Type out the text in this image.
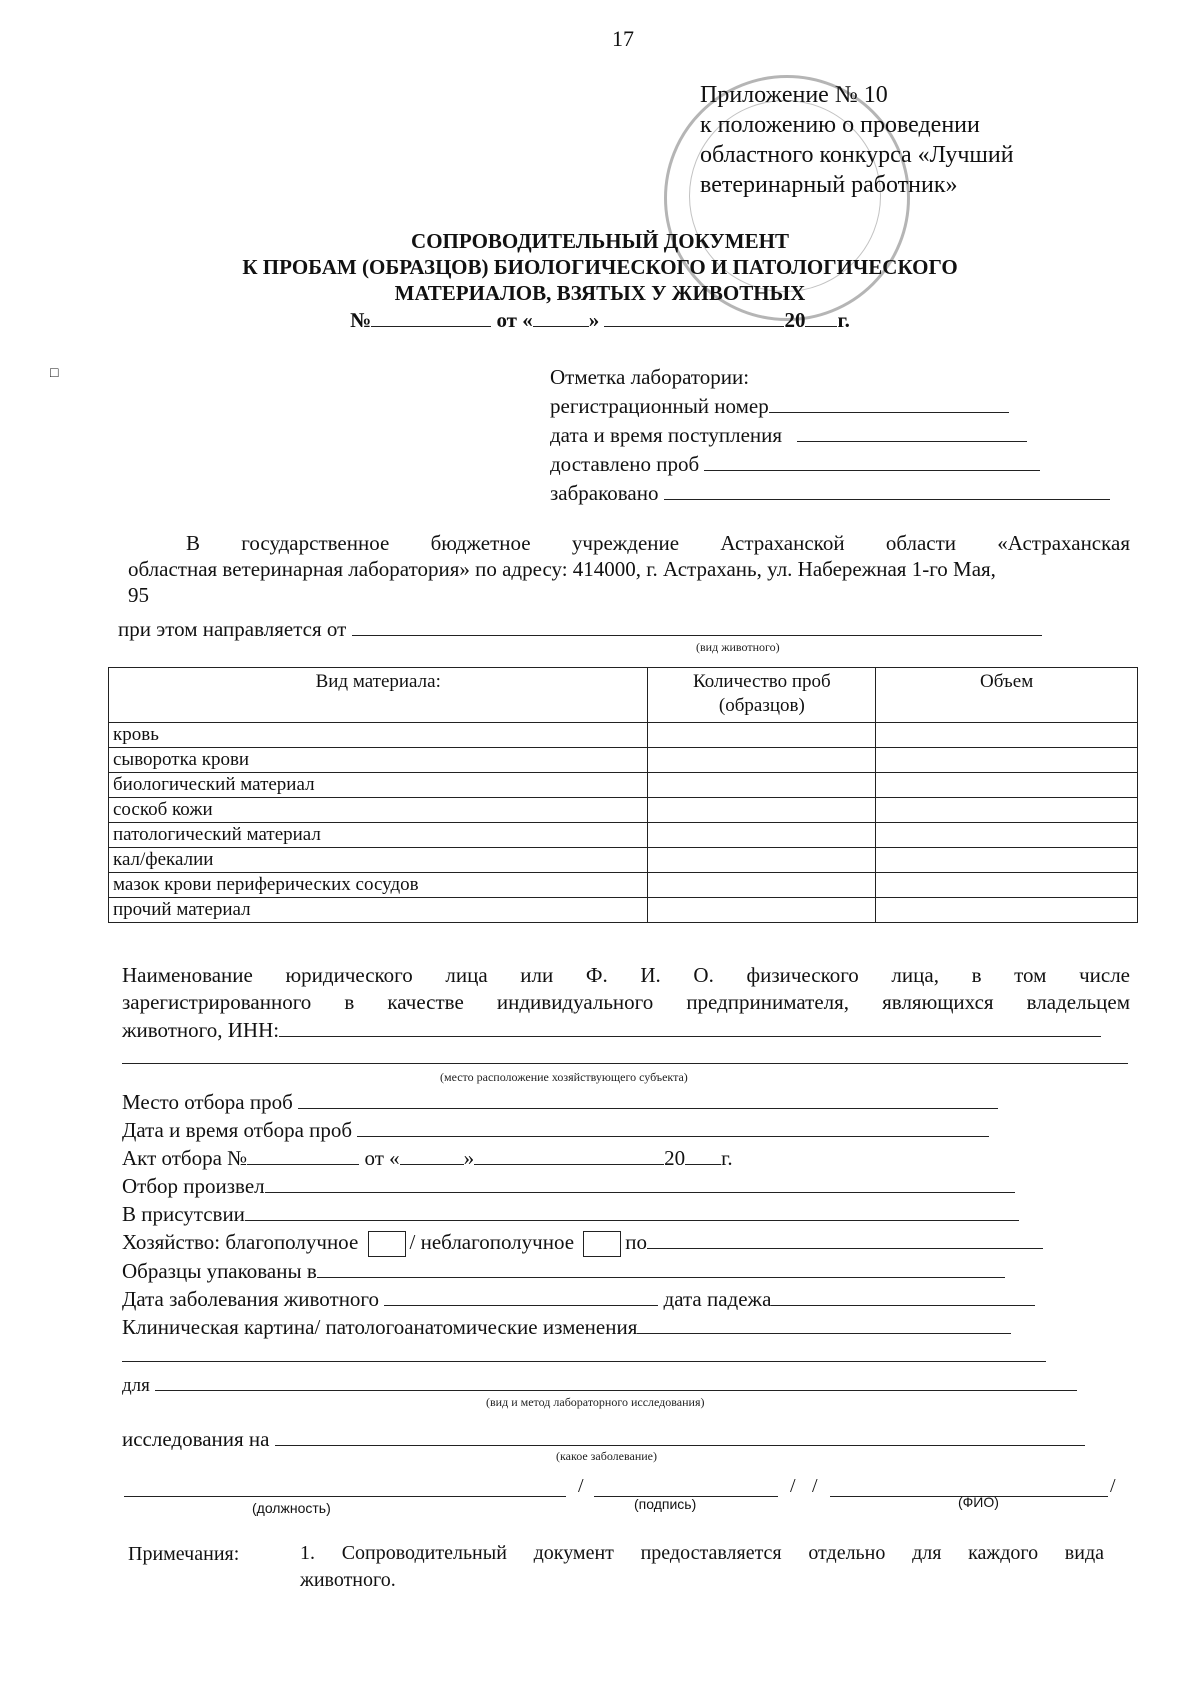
17
Приложение № 10
к положению о проведении
областного конкурса «Лучший
ветеринарный работник»
СОПРОВОДИТЕЛЬНЫЙ ДОКУМЕНТ
К ПРОБАМ (ОБРАЗЦОВ) БИОЛОГИЧЕСКОГО И ПАТОЛОГИЧЕСКОГО
МАТЕРИАЛОВ, ВЗЯТЫХ У ЖИВОТНЫХ
№	от «	»	20 г.
□	Отметка лаборатории:
регистрационный номер
дата и время поступления
доставлено проб
забраковано
В государственное бюджетное учреждение Астраханской области «Астраханская
областная ветеринарная лаборатория» по адресу: 414000, г. Астрахань, ул. Набережная 1-го Мая,
95
при этом направляется от
(вид животного)
Вид материала:	Количество проб (образцов)	Объем
кровь		
сыворотка крови		
биологический материал		
соскоб кожи		
патологический материал		
кал/фекалии		
мазок крови периферических сосудов		
прочий материал		
Наименование юридического лица или Ф. И. О. физического лица, в том числе
зарегистрированного в качестве индивидуального предпринимателя, являющихся владельцем
животного, ИНН:
(место расположение хозяйствующего субъекта)
Место отбора проб
Дата и время отбора проб
Акт отбора №	от «	»	20 г.
Отбор произвел
В присутсвии
Хозяйство: благополучное / неблагополучное по
Образцы упакованы в
Дата заболевания животного	дата падежа
Клиническая картина/ патологоанатомические изменения
для
(вид и метод лабораторного исследования)
исследования на
(какое заболевание)
/	/ /	/
(должность)	(подпись)	(ФИО)
Примечания:	1. Сопроводительный документ предоставляется отдельно для каждого вида
животного.
